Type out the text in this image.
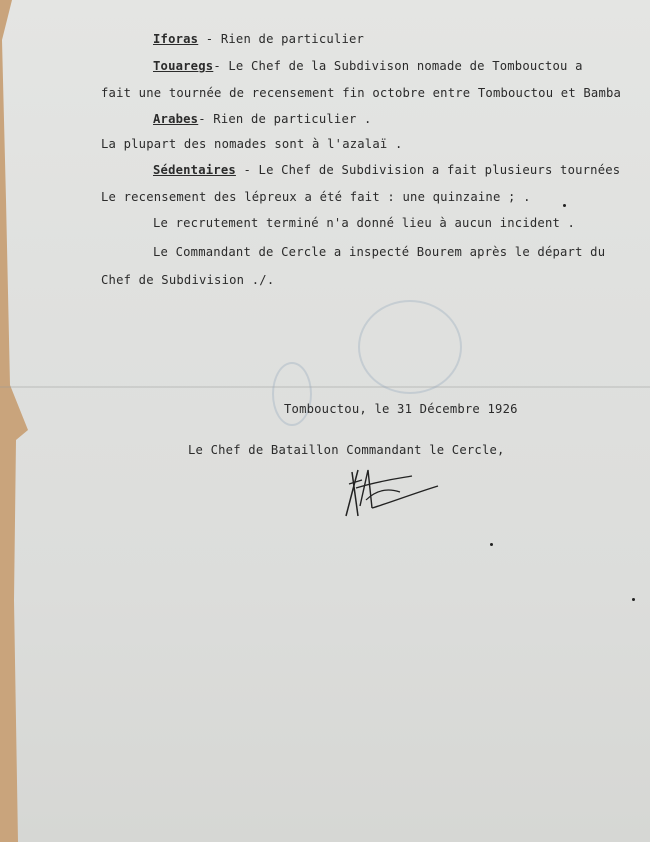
Iforas - Rien de particulier
Touaregs- Le Chef de la Subdivison nomade de Tombouctou a
fait une tournée de recensement fin octobre entre Tombouctou et Bamba
Arabes- Rien de particulier .
La plupart des nomades sont à l'azalaï .
Sédentaires - Le Chef de Subdivision a fait plusieurs tournées
Le recensement des lépreux a été fait : une quinzaine ; .
Le recrutement terminé n'a donné lieu à aucun incident .
Le Commandant de Cercle a inspecté Bourem après le départ du
Chef de Subdivision ./.
Tombouctou, le 31 Décembre 1926
Le Chef de Bataillon Commandant le Cercle,
